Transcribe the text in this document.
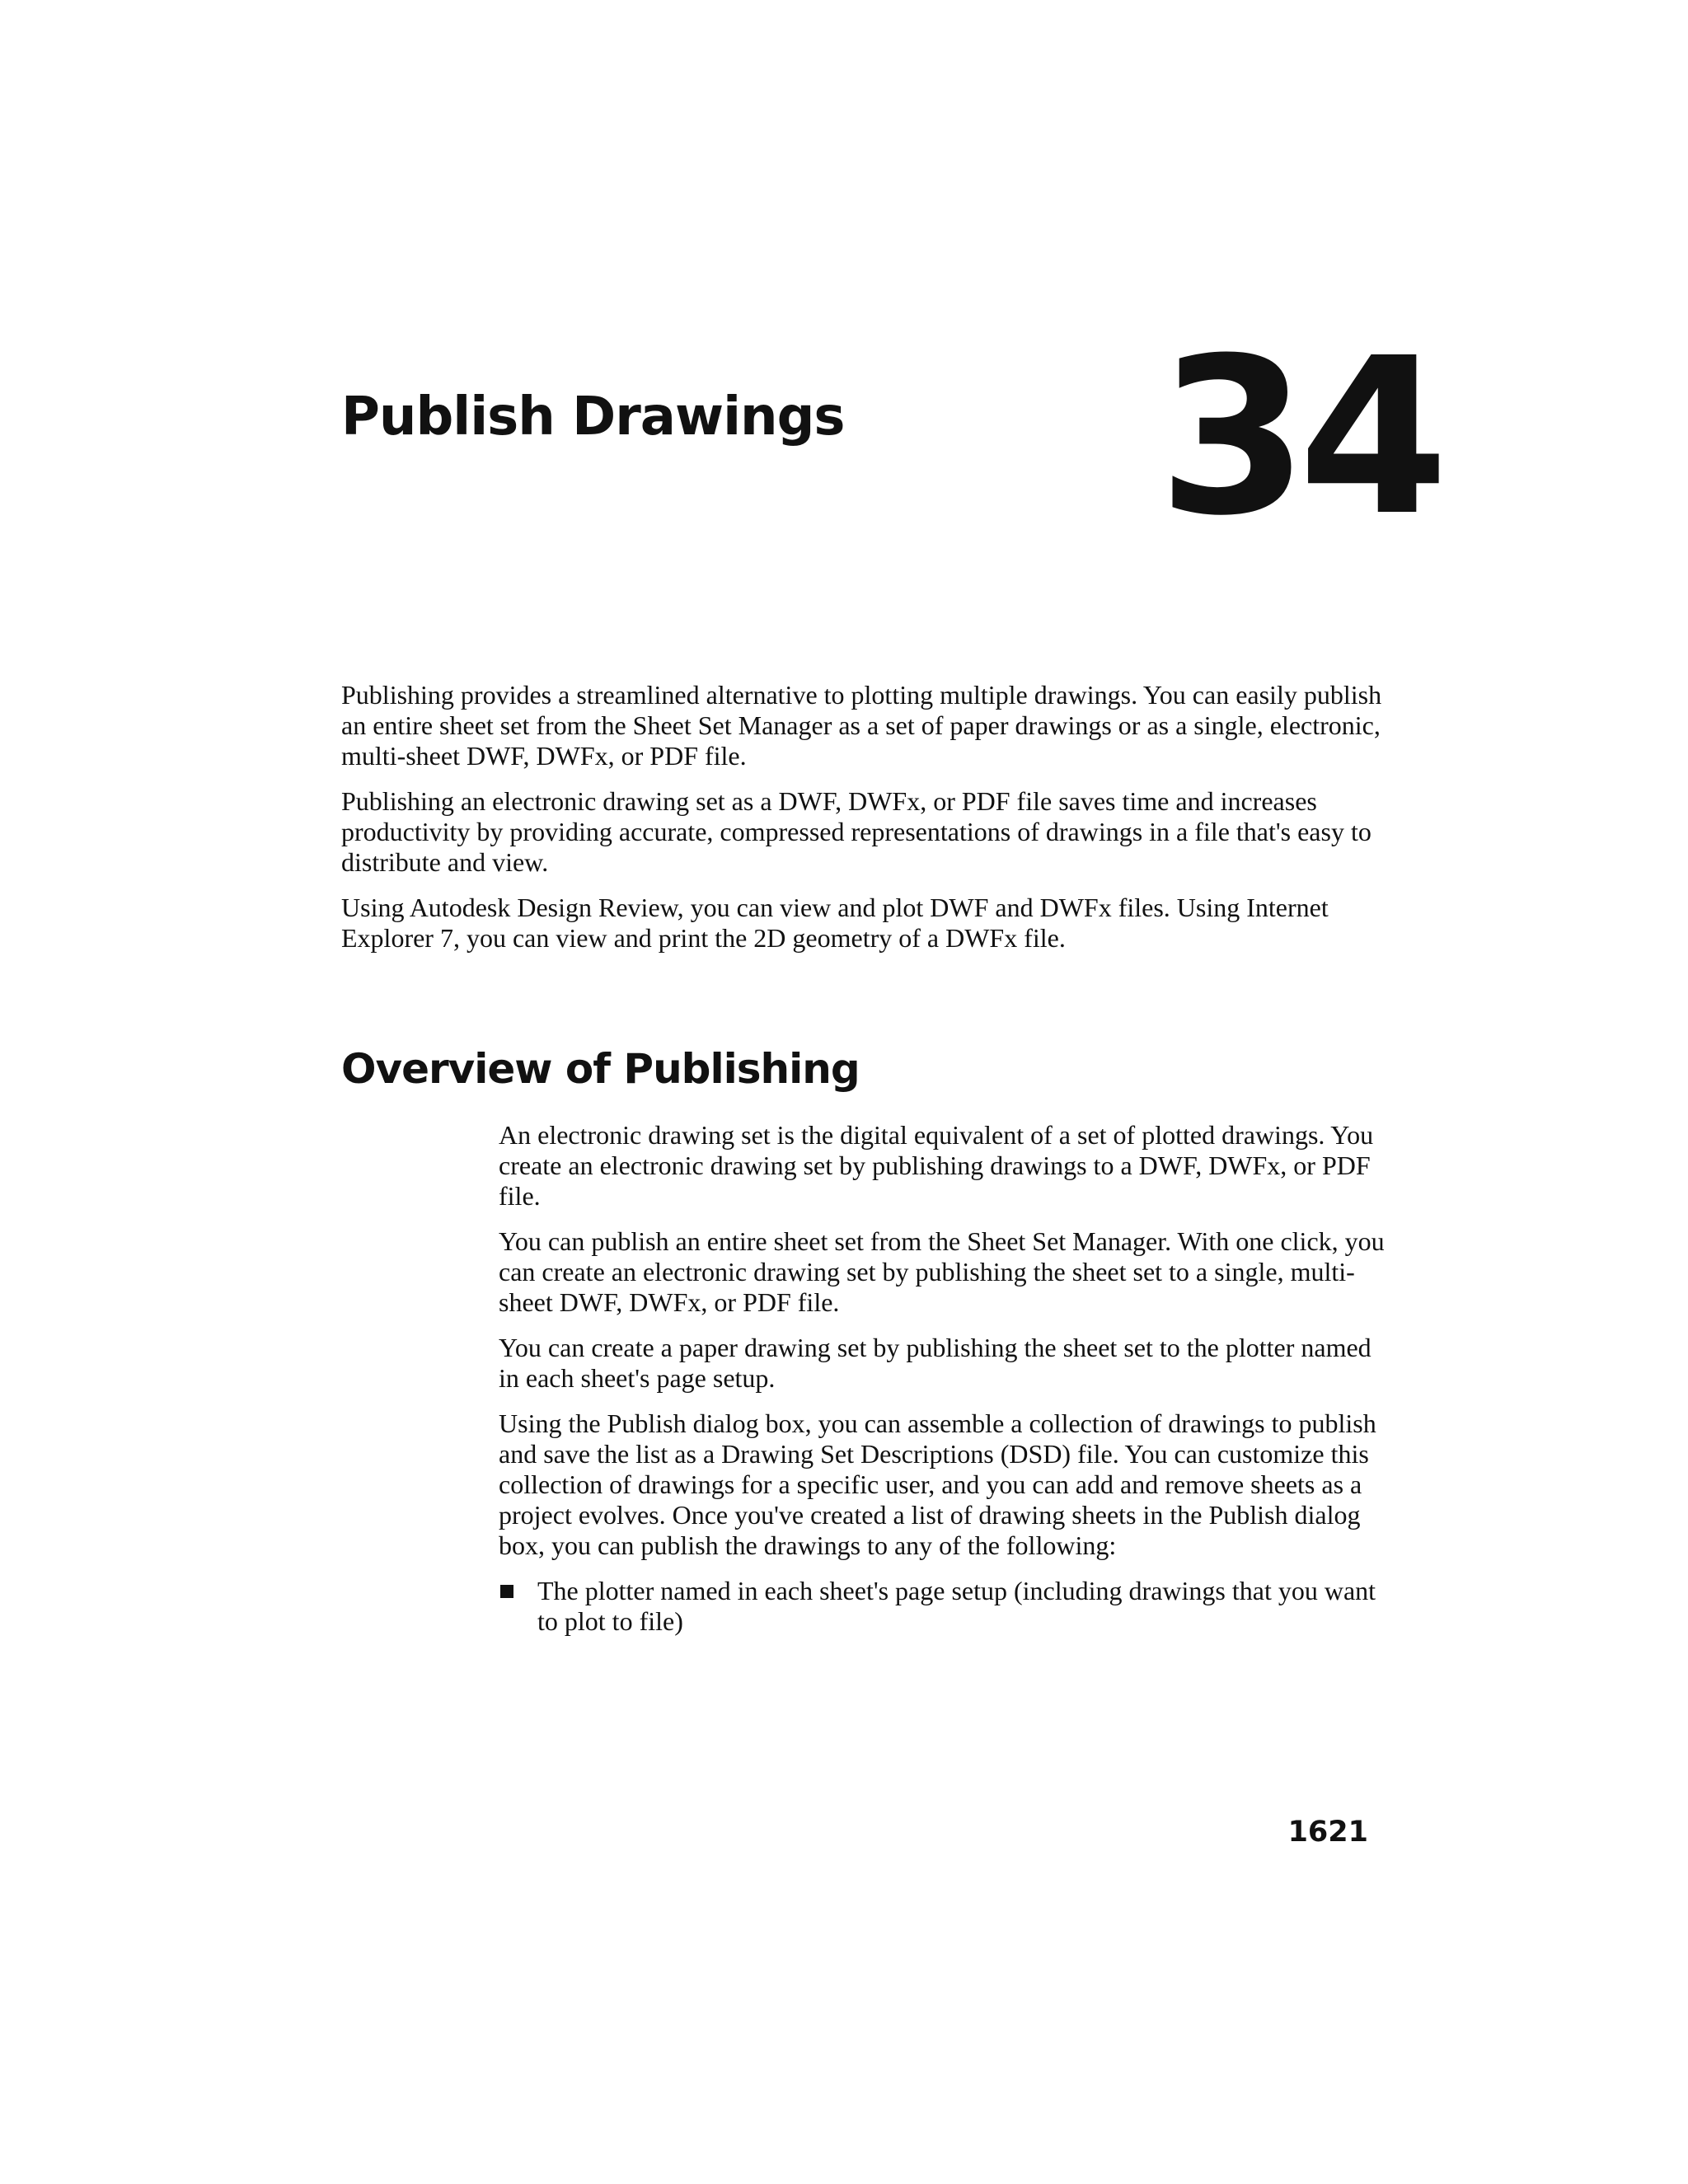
Publish Drawings 34

Publishing provides a streamlined alternative to plotting multiple drawings. You can easily publish an entire sheet set from the Sheet Set Manager as a set of paper drawings or as a single, electronic, multi-sheet DWF, DWFx, or PDF file.

Publishing an electronic drawing set as a DWF, DWFx, or PDF file saves time and increases productivity by providing accurate, compressed representations of drawings in a file that's easy to distribute and view.

Using Autodesk Design Review, you can view and plot DWF and DWFx files. Using Internet Explorer 7, you can view and print the 2D geometry of a DWFx file.

Overview of Publishing

An electronic drawing set is the digital equivalent of a set of plotted drawings. You create an electronic drawing set by publishing drawings to a DWF, DWFx, or PDF file.

You can publish an entire sheet set from the Sheet Set Manager. With one click, you can create an electronic drawing set by publishing the sheet set to a single, multi-sheet DWF, DWFx, or PDF file.

You can create a paper drawing set by publishing the sheet set to the plotter named in each sheet's page setup.

Using the Publish dialog box, you can assemble a collection of drawings to publish and save the list as a Drawing Set Descriptions (DSD) file. You can customize this collection of drawings for a specific user, and you can add and remove sheets as a project evolves. Once you've created a list of drawing sheets in the Publish dialog box, you can publish the drawings to any of the following:

The plotter named in each sheet's page setup (including drawings that you want to plot to file)
1621
